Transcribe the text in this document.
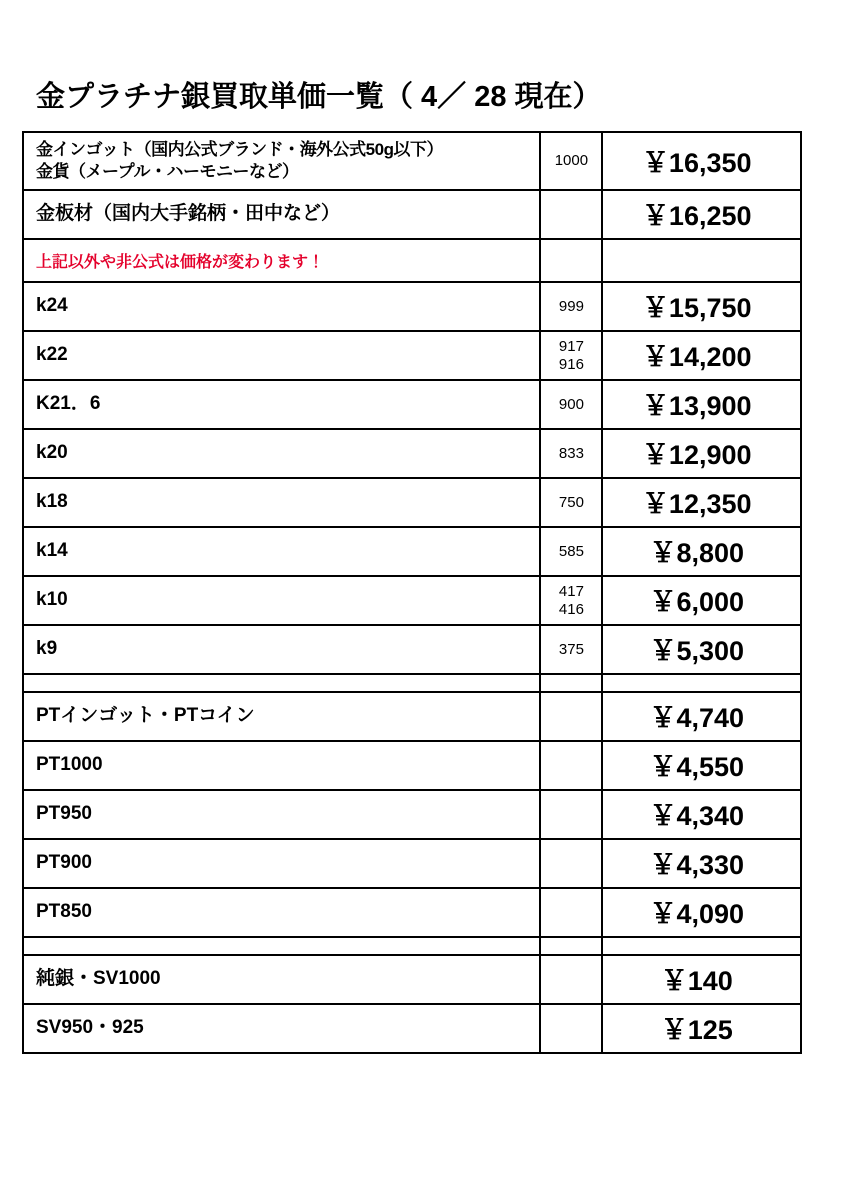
金プラチナ銀買取単価一覧（ 4／ 28 現在）
金インゴット（国内公式ブランド・海外公式50g以下）
金貨（メープル・ハーモニーなど）	1000	￥16,350

金板材（国内大手銘柄・田中など）		￥16,250

上記以外や非公式は価格が変わります！		

k24	999	￥15,750

k22	917
916	￥14,200

K21．6	900	￥13,900

k20	833	￥12,900

k18	750	￥12,350

k14	585	￥8,800

k10	417
416	￥6,000

k9	375	￥5,300

PTインゴット・PTコイン		￥4,740

PT1000		￥4,550

PT950		￥4,340

PT900		￥4,330

PT850		￥4,090

純銀・SV1000		￥140

SV950・925		￥125
